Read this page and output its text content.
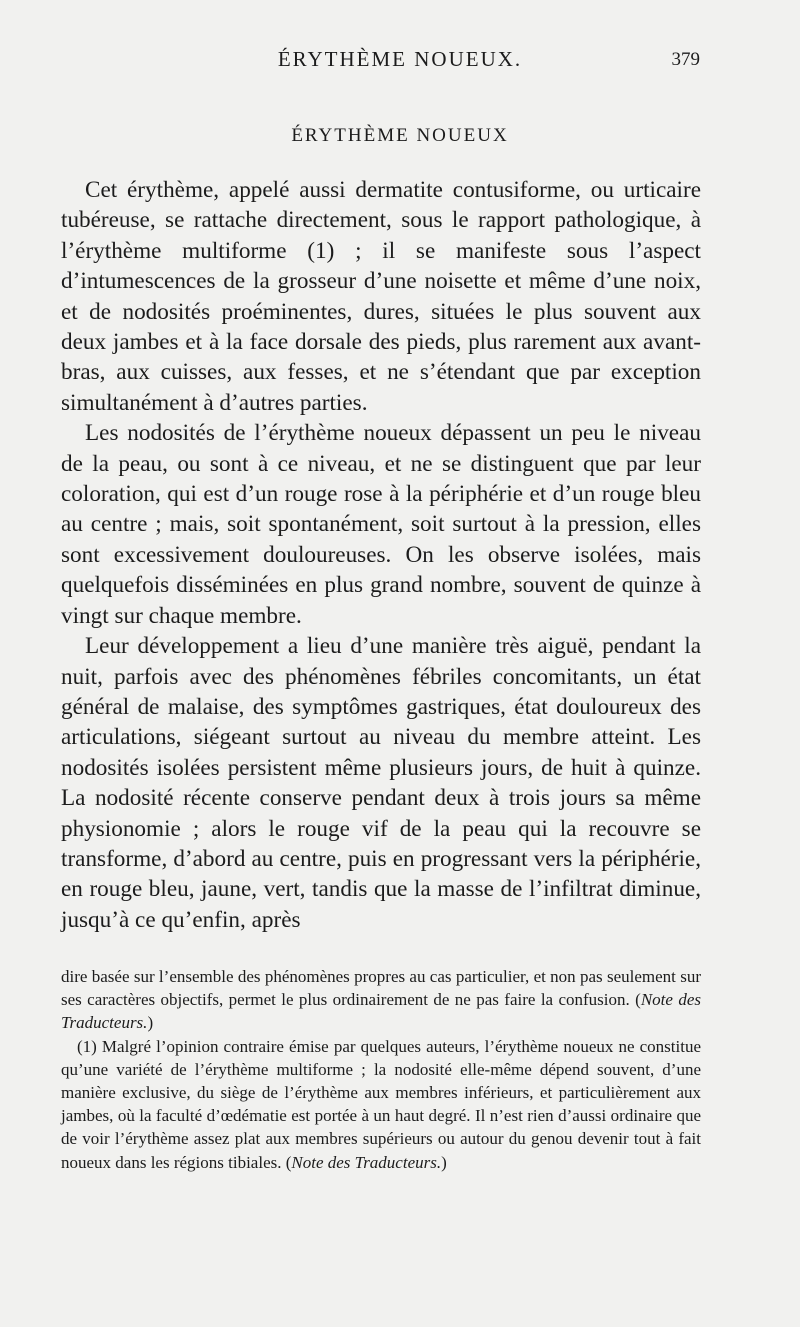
ÉRYTHÈME NOUEUX.	379
ÉRYTHÈME NOUEUX

Cet érythème, appelé aussi dermatite contusiforme, ou urticaire tubéreuse, se rattache directement, sous le rapport pathologique, à l’érythème multiforme (1) ; il se manifeste sous l’aspect d’intumescences de la grosseur d’une noisette et même d’une noix, et de nodosités proéminentes, dures, situées le plus souvent aux deux jambes et à la face dorsale des pieds, plus rarement aux avant-bras, aux cuisses, aux fesses, et ne s’étendant que par exception simultanément à d’autres parties.

Les nodosités de l’érythème noueux dépassent un peu le niveau de la peau, ou sont à ce niveau, et ne se distinguent que par leur coloration, qui est d’un rouge rose à la périphérie et d’un rouge bleu au centre ; mais, soit spontanément, soit surtout à la pression, elles sont excessivement douloureuses. On les observe isolées, mais quelquefois disséminées en plus grand nombre, souvent de quinze à vingt sur chaque membre.

Leur développement a lieu d’une manière très aiguë, pendant la nuit, parfois avec des phénomènes fébriles concomitants, un état général de malaise, des symptômes gastriques, état douloureux des articulations, siégeant surtout au niveau du membre atteint. Les nodosités isolées persistent même plusieurs jours, de huit à quinze. La nodosité récente conserve pendant deux à trois jours sa même physionomie ; alors le rouge vif de la peau qui la recouvre se transforme, d’abord au centre, puis en progressant vers la périphérie, en rouge bleu, jaune, vert, tandis que la masse de l’infiltrat diminue, jusqu’à ce qu’enfin, après

dire basée sur l’ensemble des phénomènes propres au cas particulier, et non pas seulement sur ses caractères objectifs, permet le plus ordinairement de ne pas faire la confusion. (Note des Traducteurs.)

(1) Malgré l’opinion contraire émise par quelques auteurs, l’érythème noueux ne constitue qu’une variété de l’érythème multiforme ; la nodosité elle-même dépend souvent, d’une manière exclusive, du siège de l’érythème aux membres inférieurs, et particulièrement aux jambes, où la faculté d’œdématie est portée à un haut degré. Il n’est rien d’aussi ordinaire que de voir l’érythème assez plat aux membres supérieurs ou autour du genou devenir tout à fait noueux dans les régions tibiales. (Note des Traducteurs.)
